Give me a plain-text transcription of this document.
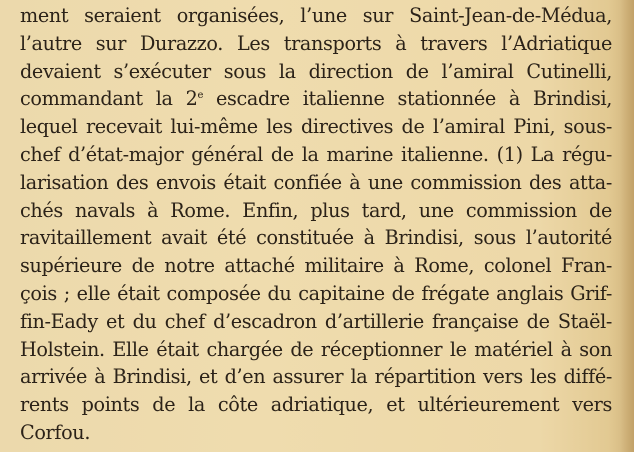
ment seraient organisées, l’une sur Saint-Jean-de-Médua,
l’autre sur Durazzo. Les transports à travers l’Adriatique
devaient s’exécuter sous la direction de l’amiral Cutinelli,
commandant la 2e escadre italienne stationnée à Brindisi,
lequel recevait lui-même les directives de l’amiral Pini, sous-
chef d’état-major général de la marine italienne. (1) La régu-
larisation des envois était confiée à une commission des atta-
chés navals à Rome. Enfin, plus tard, une commission de
ravitaillement avait été constituée à Brindisi, sous l’autorité
supérieure de notre attaché militaire à Rome, colonel Fran-
çois ; elle était composée du capitaine de frégate anglais Grif-
fin-Eady et du chef d’escadron d’artillerie française de Staël-
Holstein. Elle était chargée de réceptionner le matériel à son
arrivée à Brindisi, et d’en assurer la répartition vers les diffé-
rents points de la côte adriatique, et ultérieurement vers
Corfou.
